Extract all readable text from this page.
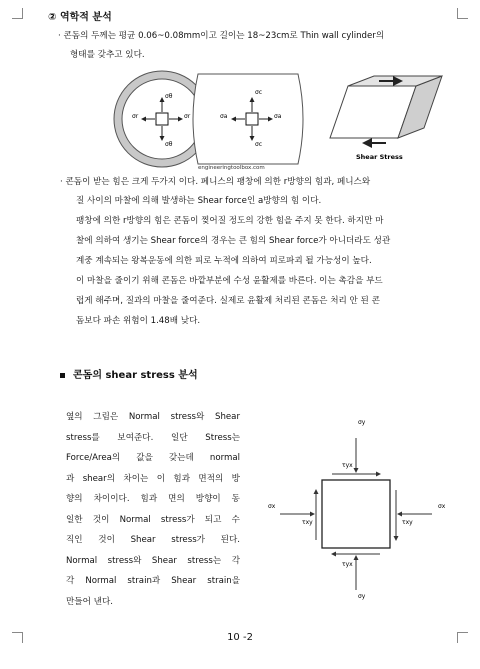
② 역학적 분석
· 콘돔의 두께는 평균 0.06~0.08mm이고 길이는 18~23cm로 Thin wall cylinder의
형태를 갖추고 있다.
σθ
σθ
σr	σr
σc
σc
σa	σa
engineeringtoolbox.com
Shear Stress
· 콘돔이 받는 힘은 크게 두가지 이다. 페니스의 팽창에 의한 r방향의 힘과, 페니스와
질 사이의 마찰에 의해 발생하는 Shear force인 a방향의 힘 이다.
팽창에 의한 r방향의 힘은 콘돔이 찢어질 정도의 강한 힘을 주지 못 한다. 하지만 마
찰에 의하여 생기는 Shear force의 경우는 큰 힘의 Shear force가 아니더라도 성관
계중 계속되는 왕복운동에 의한 피로 누적에 의하여 피로파괴 될 가능성이 높다.
이 마찰을 줄이기 위해 콘돔은 바깥부분에 수성 윤활제를 바른다. 이는 촉감을 부드
럽게 해주며, 질과의 마찰을 줄여준다. 실제로 윤활제 처리된 콘돔은 처리 안 된 콘
돔보다 파손 위험이 1.48배 낮다.
콘돔의 shear stress 분석
옆의 그림은 Normal stress와 Shear
stress를 보여준다. 일단 Stress는
Force/Area의 값을 갖는데 normal
과 shear의 차이는 이 힘과 면적의 방
향의 차이이다. 힘과 면의 방향이 동
일한 것이 Normal stress가 되고 수
직인 것이 Shear stress가 된다.
Normal stress와 Shear stress는 각
각 Normal strain과 Shear strain을
만들어 낸다.
σy
σy
σx	σx
τyx
τyx
τxy	τxy
10 -2
